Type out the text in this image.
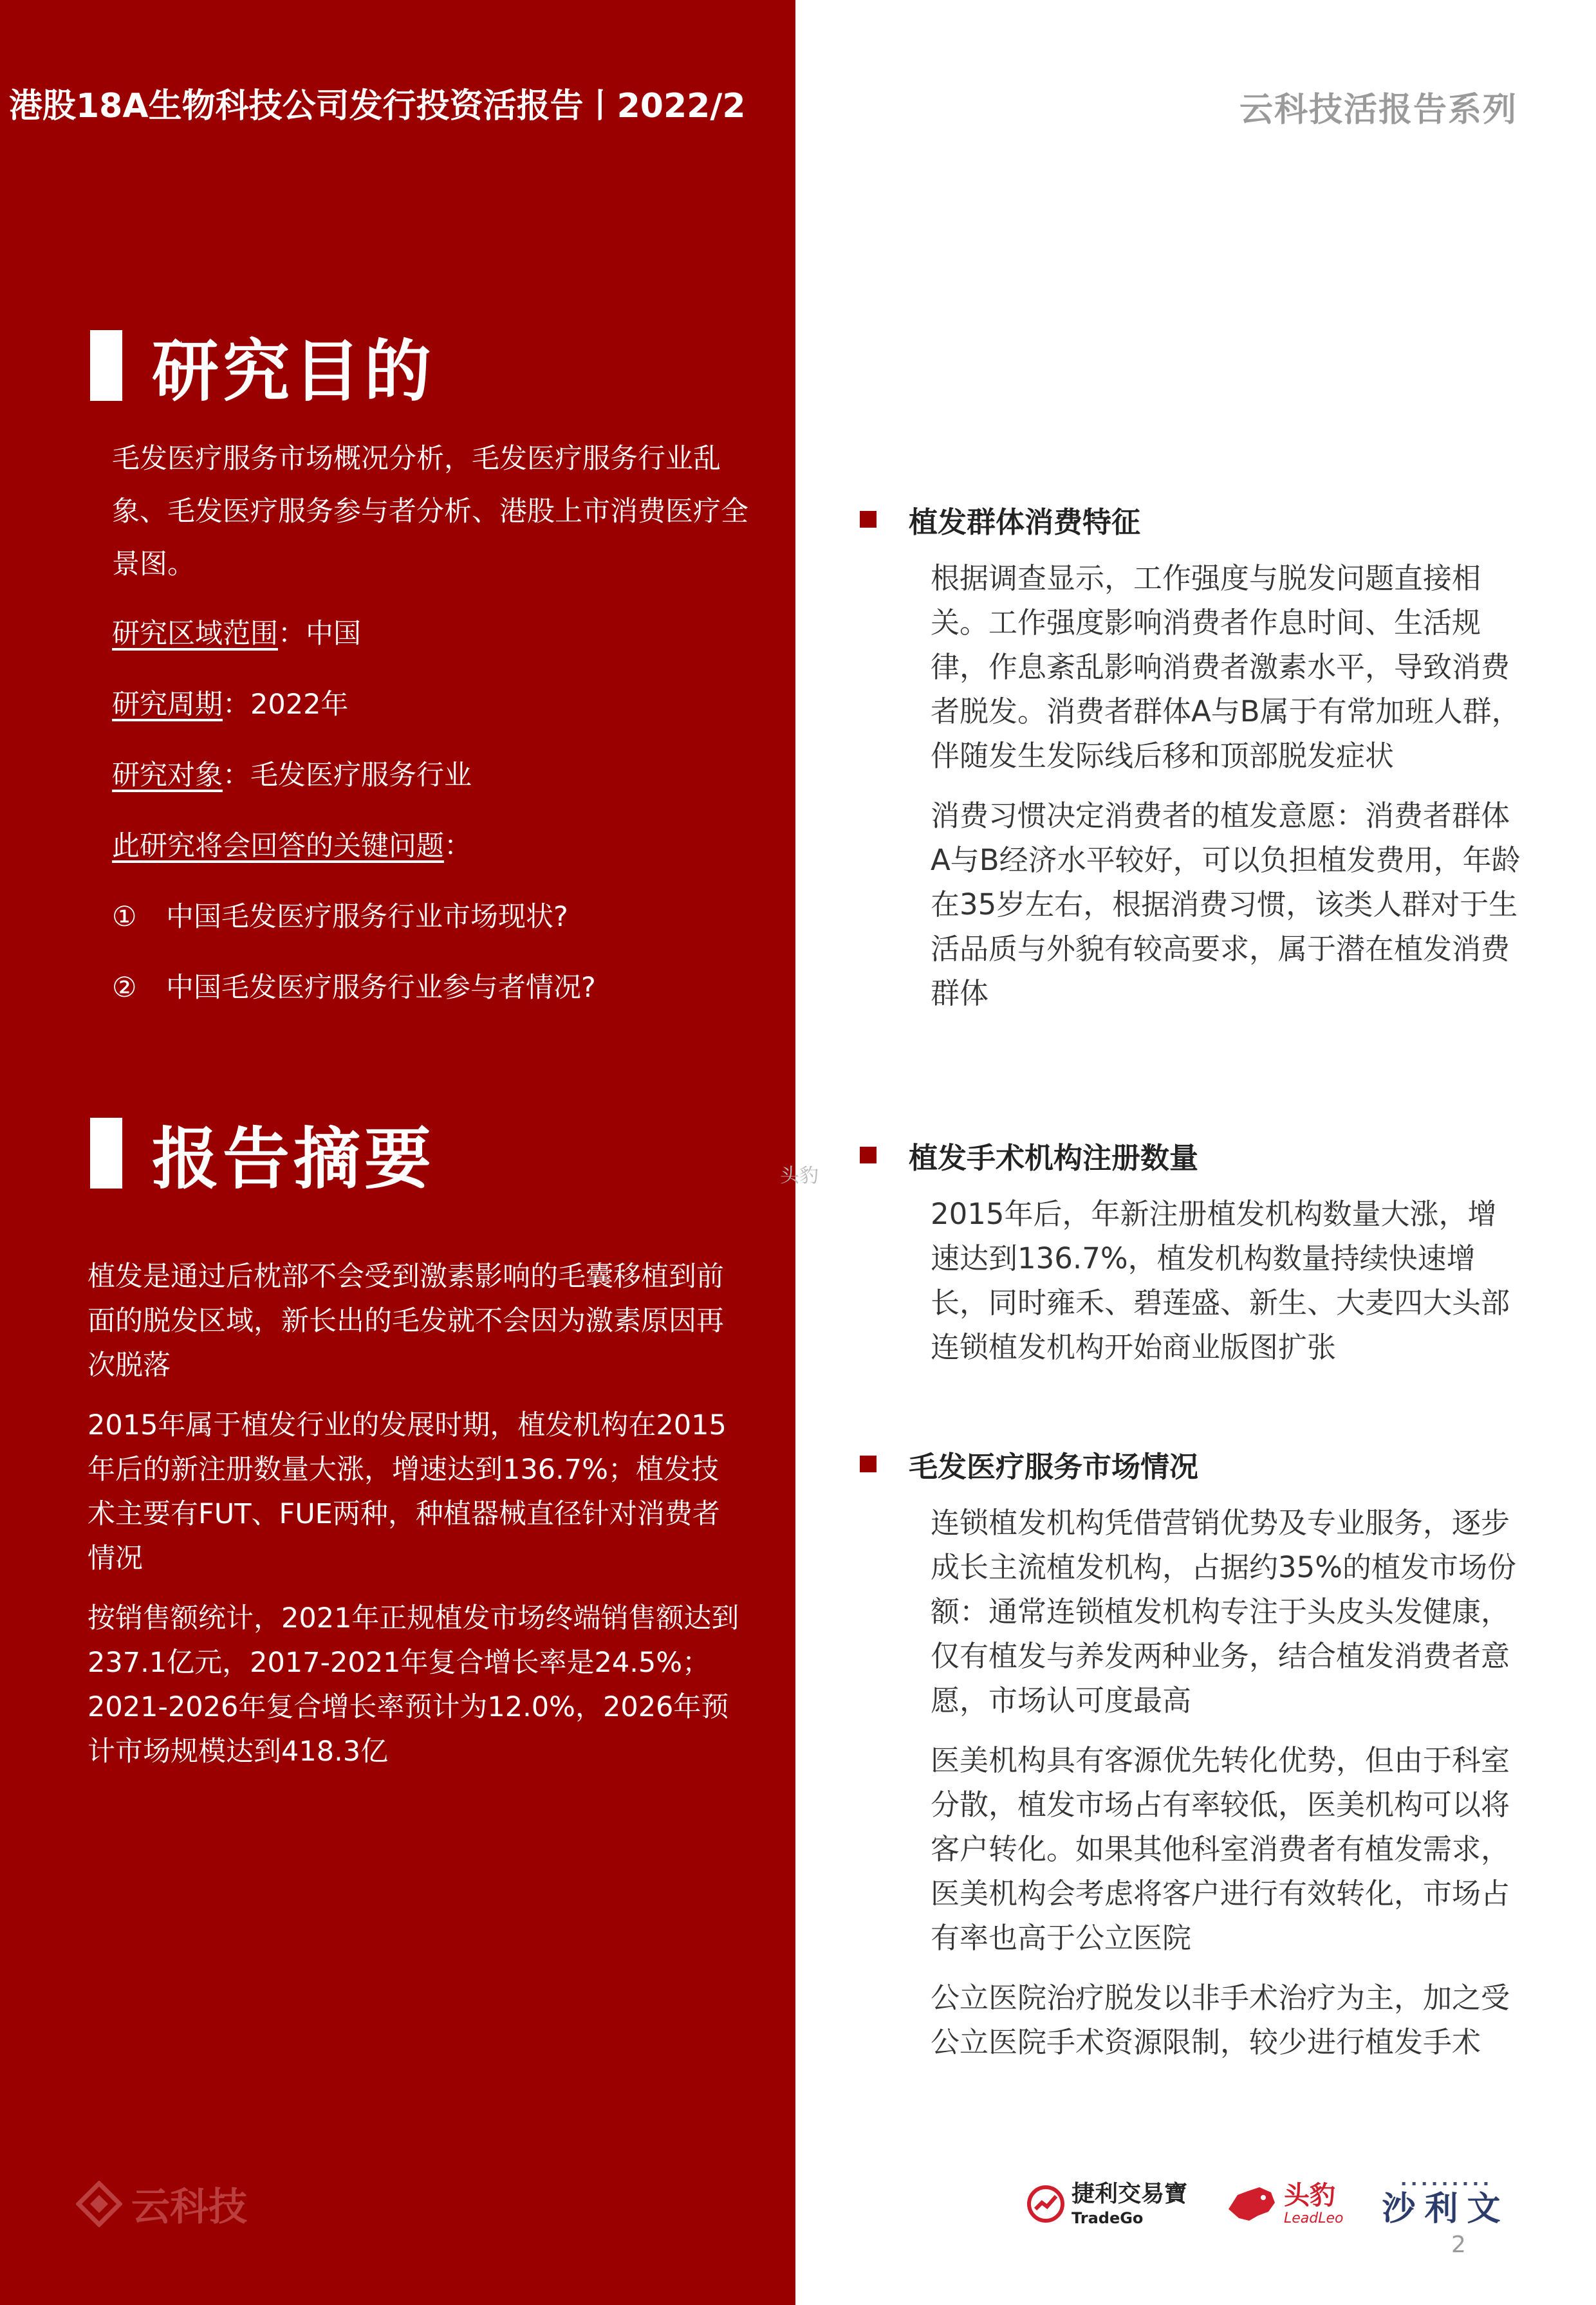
港股18A生物科技公司发行投资活报告丨2022/2
研究目的
毛发医疗服务市场概况分析，毛发医疗服务行业乱象、毛发医疗服务参与者分析、港股上市消费医疗全景图。
研究区域范围：中国
研究周期：2022年
研究对象：毛发医疗服务行业
此研究将会回答的关键问题：
① 中国毛发医疗服务行业市场现状?
② 中国毛发医疗服务行业参与者情况?
报告摘要

植发是通过后枕部不会受到激素影响的毛囊移植到前面的脱发区域，新长出的毛发就不会因为激素原因再次脱落

2015年属于植发行业的发展时期，植发机构在2015年后的新注册数量大涨，增速达到136.7%；植发技术主要有FUT、FUE两种，种植器械直径针对消费者情况

按销售额统计，2021年正规植发市场终端销售额达到237.1亿元，2017-2021年复合增长率是24.5%；2021-2026年复合增长率预计为12.0%，2026年预计市场规模达到418.3亿

云科技
云科技活报告系列
植发群体消费特征

根据调查显示，工作强度与脱发问题直接相关。工作强度影响消费者作息时间、生活规律，作息紊乱影响消费者激素水平，导致消费者脱发。消费者群体A与B属于有常加班人群，伴随发生发际线后移和顶部脱发症状

消费习惯决定消费者的植发意愿：消费者群体A与B经济水平较好，可以负担植发费用，年龄在35岁左右，根据消费习惯，该类人群对于生活品质与外貌有较高要求，属于潜在植发消费群体

植发手术机构注册数量

2015年后，年新注册植发机构数量大涨，增速达到136.7%，植发机构数量持续快速增长，同时雍禾、碧莲盛、新生、大麦四大头部连锁植发机构开始商业版图扩张

毛发医疗服务市场情况

连锁植发机构凭借营销优势及专业服务，逐步成长主流植发机构，占据约35%的植发市场份额：通常连锁植发机构专注于头皮头发健康，仅有植发与养发两种业务，结合植发消费者意愿，市场认可度最高

医美机构具有客源优先转化优势，但由于科室分散，植发市场占有率较低，医美机构可以将客户转化。如果其他科室消费者有植发需求，医美机构会考虑将客户进行有效转化，市场占有率也高于公立医院

公立医院治疗脱发以非手术治疗为主，加之受公立医院手术资源限制，较少进行植发手术

头豹
捷利交易寶
TradeGo
头豹
LeadLeo
▪ ▪ ▪ ▪ ▪ ▪ ▪ ▪ ▪
沙利文
2
